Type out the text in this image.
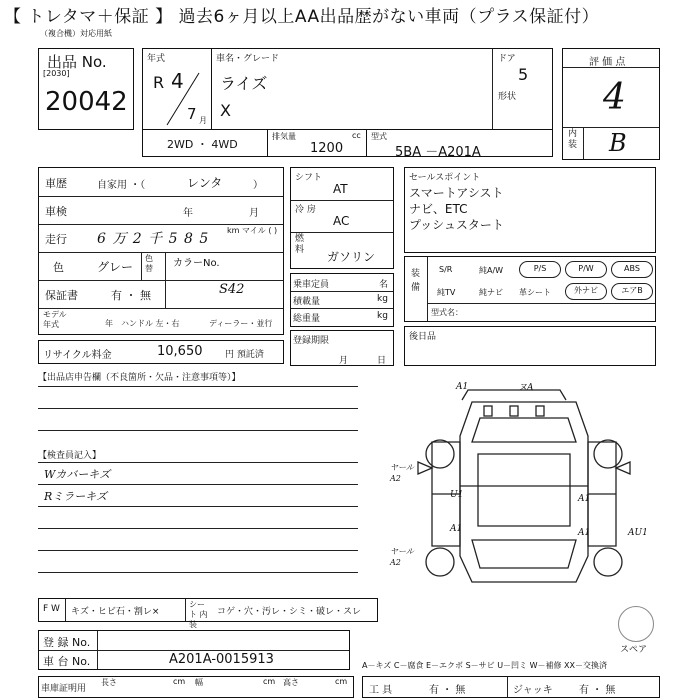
【 トレタマ＋保証 】 過去6ヶ月以上AA出品歴がない車両（プラス保証付）
（複合機）対応用紙
出品 No.
[2030]
20042
年式
R 4
7 月
車名・グレード
ライズ
X
ドア
5
形状
評 価 点
4
内装 B
2WD ・ 4WD
排気量	cc
1200
型式
5BA －A201A
車歴	自家用 ・（	レンタ	）
車検	年	月
走行 6 万 2 千 5 8 5
km マイル ( )
色	グレー
色替	カラーNo.
S42
保証書	有 ・ 無
モデル 年式	年 ハンドル 左・右	ディーラー・並行
シフト
AT
冷 房
AC
燃 料	ガソリン
乗車定員	名
積載量	kg
総重量	kg
セールスポイント
スマートアシスト
ナビ、ETC
プッシュスタート
装備
S/R	純A/W	P/S	P/W	ABS
純TV	純ナビ 革シート	外ナビ	エアB
型式名：
リサイクル料金	10,650	円 預託済
登録期限
月	日
後日品
【出品店申告欄（不良箇所・欠品・注意事項等）】
【検査員記入】
Wカバーキズ
Rミラーキズ
A1	ヌA
ヤール A2
U1	A1
A1	A1	AU1
ヤール A2
F W キズ・ヒビ石・割レ×
シート 内装
コゲ・穴・汚レ・シミ・破レ・スレ
スペア
登 録 No.
車 台 No.	A201A-0015913	A－キズ C－腐食 E－エクボ S－サビ U－凹ミ W－補修 XX－交換済
車庫証明用
長さ	cm 幅	cm 高さ	cm
工 具	有 ・ 無	ジャッキ	有 ・ 無
